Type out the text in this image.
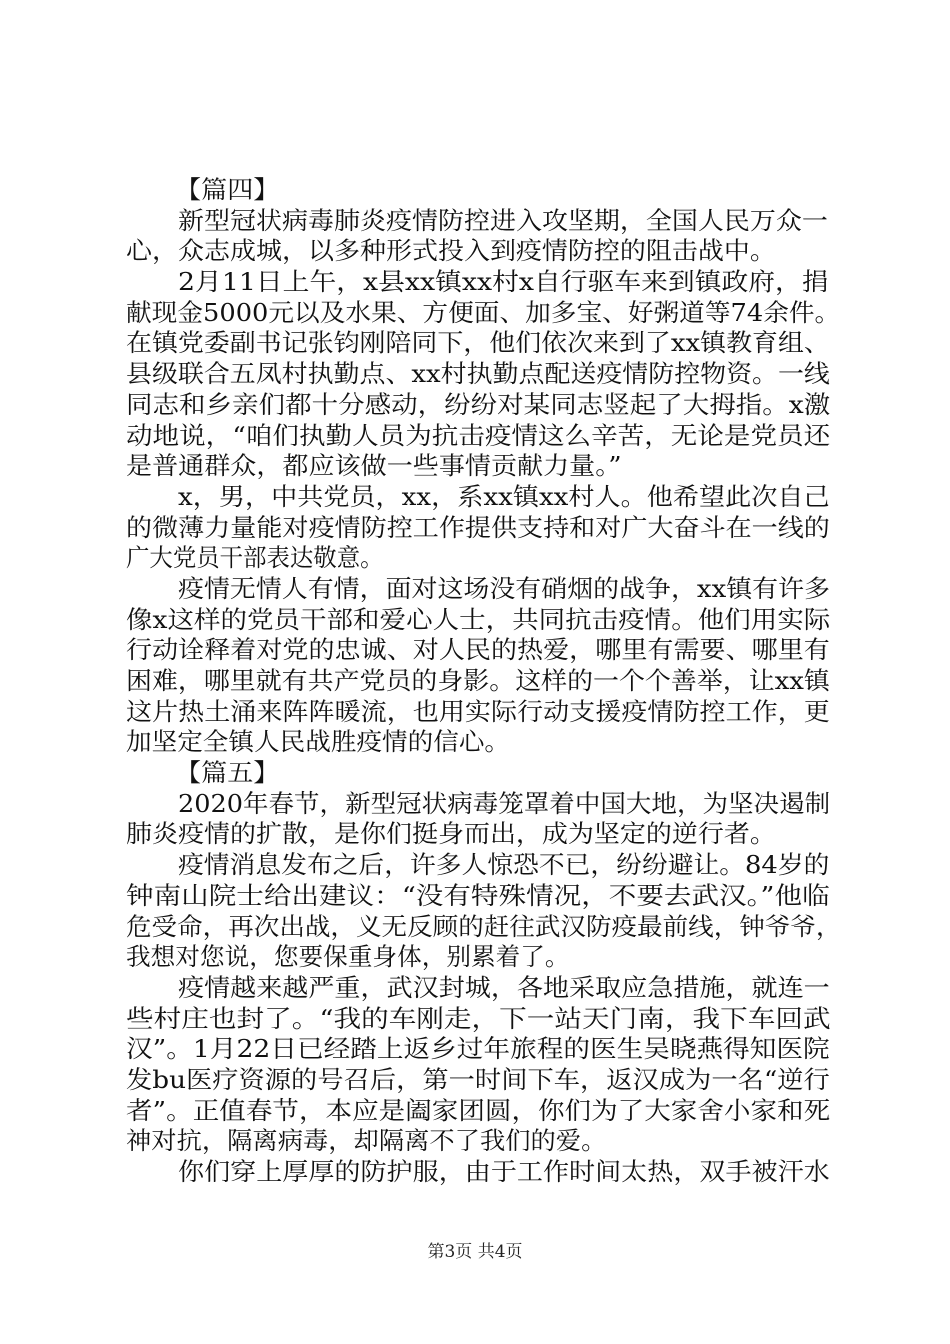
【篇四】
新型冠状病毒肺炎疫情防控进入攻坚期，全国人民万众一
心，众志成城，以多种形式投入到疫情防控的阻击战中。
2月11日上午，x县xx镇xx村x自行驱车来到镇政府，捐
献现金5000元以及水果、方便面、加多宝、好粥道等74余件。
在镇党委副书记张钧刚陪同下，他们依次来到了xx镇教育组、
县级联合五凤村执勤点、xx村执勤点配送疫情防控物资。一线
同志和乡亲们都十分感动，纷纷对某同志竖起了大拇指。x激
动地说，“咱们执勤人员为抗击疫情这么辛苦，无论是党员还
是普通群众，都应该做一些事情贡献力量。”
x，男，中共党员，xx，系xx镇xx村人。他希望此次自己
的微薄力量能对疫情防控工作提供支持和对广大奋斗在一线的
广大党员干部表达敬意。
疫情无情人有情，面对这场没有硝烟的战争，xx镇有许多
像x这样的党员干部和爱心人士，共同抗击疫情。他们用实际
行动诠释着对党的忠诚、对人民的热爱，哪里有需要、哪里有
困难，哪里就有共产党员的身影。这样的一个个善举，让xx镇
这片热土涌来阵阵暖流，也用实际行动支援疫情防控工作，更
加坚定全镇人民战胜疫情的信心。
【篇五】
2020年春节，新型冠状病毒笼罩着中国大地，为坚决遏制
肺炎疫情的扩散，是你们挺身而出，成为坚定的逆行者。
疫情消息发布之后，许多人惊恐不已，纷纷避让。84岁的
钟南山院士给出建议：“没有特殊情况，不要去武汉。”他临
危受命，再次出战，义无反顾的赶往武汉防疫最前线，钟爷爷，
我想对您说，您要保重身体，别累着了。
疫情越来越严重，武汉封城，各地采取应急措施，就连一
些村庄也封了。“我的车刚走，下一站天门南，我下车回武
汉”。1月22日已经踏上返乡过年旅程的医生吴晓燕得知医院
发bu医疗资源的号召后，第一时间下车，返汉成为一名“逆行
者”。正值春节，本应是阖家团圆，你们为了大家舍小家和死
神对抗，隔离病毒，却隔离不了我们的爱。
你们穿上厚厚的防护服，由于工作时间太热，双手被汗水
第3页 共4页
